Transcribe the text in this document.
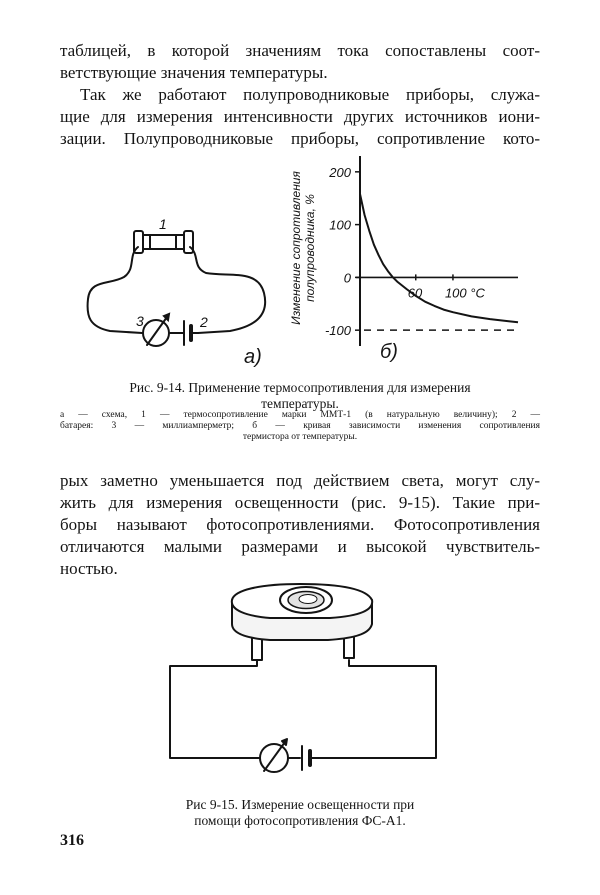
таблицей, в которой значениям тока сопоставлены соот-
ветствующие значения температуры.
Так же работают полупроводниковые приборы, служа-
щие для измерения интенсивности других источников иони-
зации. Полупроводниковые приборы, сопротивление кото-
1
3	2
а)
200
100
0
-100
60 100 °С
Изменение сопротивления полупроводника, %
б)
Рис. 9-14. Применение термосопротивления для измерения
температуры.
а — схема, 1 — термосопротивление марки ММТ-1 (в натуральную величину); 2 —
батарея: 3 — миллиамперметр; б — кривая зависимости изменения сопротивления
термистора от температуры.
рых заметно уменьшается под действием света, могут слу-
жить для измерения освещенности (рис. 9-15). Такие при-
боры называют фотосопротивлениями. Фотосопротивления
отличаются малыми размерами и высокой чувствитель-
ностью.
Рис 9-15. Измерение освещенности при
помощи фотосопротивления ФС-А1.
316
